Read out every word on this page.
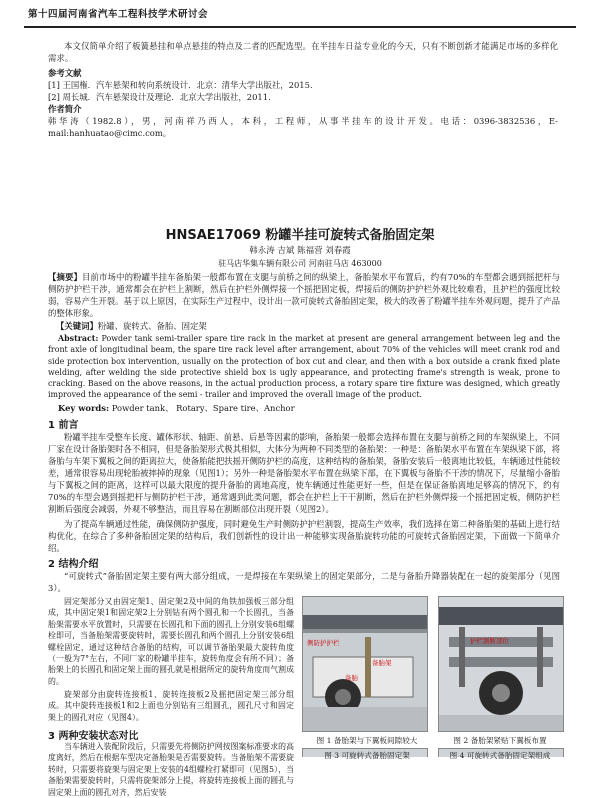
第十四届河南省汽车工程科技学术研讨会
本文仅简单介绍了板簧悬挂和单点悬挂的特点及二者的匹配选型。在半挂车日益专业化的今天，只有不断创新才能满足市场的多样化需求。
参考文献
[1] 王国権．汽车悬架和转向系统设计．北京：清华大学出版社，2015．
[2] 周长城．汽车悬架设计及理论．北京大学出版社，2011．
作者简介
韩华涛（1982.8），男，河南祥乃西人，本科，工程师，从事半挂车的设计开发。电话：0396-3832536，E-mail:hanhuatao@cimc.com。
HNSAE17069 粉罐半挂可旋转式备胎固定架
韩永涛 吉斌 陈福营 刘春霞
驻马店华集车辆有限公司 河南驻马店 463000
【摘要】目前市场中的粉罐半挂车备胎架一般都布置在支腿与前桥之间的纵梁上，备胎架水平布置后，约有70%的车型都会遇到摇把杆与侧防护护栏干涉，通常都会在护栏上割断，然后在护栏外侧焊接一个摇把固定板，焊接后的侧防护护栏外观比较难看，且护栏的强度比较弱，容易产生开裂。基于以上原因，在实际生产过程中，设计出一款可旋转式备胎固定架，极大的改善了粉罐半挂车外观问题，提升了产品的整体形象。
【关键词】粉罐、旋转式、备胎、固定架
Abstract: Powder tank semi-trailer spare tire rack in the market at present are general arrangement between leg and the front axle of longitudinal beam, the spare tire rack level after arrangement, about 70% of the vehicles will meet crank rod and side protection box intervention, usually on the protection of box cut and clear, and then with a box outside a crank fixed plate welding, after welding the side protective shield box is ugly appearance, and protecting frame's strength is weak, prone to cracking. Based on the above reasons, in the actual production process, a rotary spare tire fixture was designed, which greatly improved the appearance of the semi - trailer and improved the overall image of the product.
Key words: Powder tank、 Rotary、Spare tire、Anchor
1 前言
粉罐半挂车受整车长度、罐体形状、轴距、前悬、后悬等因素的影响，备胎架一般都会选择布置在支腿与前桥之间的车架纵梁上，不同厂家在设计备胎架时各不相同，但是备胎架形式极其相似，大体分为两种不同类型的备胎架：一种是：备胎架水平布置在车架纵梁下部，将备胎与车架下翼板之间的距离拉大，使备胎能把扶摇开侧防护栏的高度，这种结构的备胎架，备胎安装后一般离地比较低，车辆通过性能较差，通常很容易出现轮胎被摔掉的现象（见图1）；另外一种是备胎架水平布置在纵梁下部，在下翼板与备胎不干涉的情况下，尽量缩小备胎与下翼板之间的距离，这样可以最大限度的提升备胎的离地高度，使车辆通过性能更好一些，但是在保证备胎离地足够高的情况下，约有70%的车型会遇到摇把杆与侧防护栏干涉，通常遇到此类问题，都会在护栏上干干割断，然后在护栏外侧焊接一个摇把固定板，侧防护栏割断后强度会减弱，外观不够整洁，而且容易在割断部位出现开裂（见图2）。
为了提高车辆通过性能，确保侧防护强度，同时避免生产时侧防护护栏割裂，提高生产效率，我们选择在第二种备胎架的基础上进行结构优化，在综合了多种备胎固定架的结构后，我们创新性的设计出一种能够实现备胎旋转功能的可旋转式备胎固定架，下面做一下简单介绍。
2 结构介绍
“可旋转式”备胎固定架主要有两大部分组成，一是焊接在车架纵梁上的固定架部分，二是与备胎升降器装配在一起的旋架部分（见图3）。
固定架部分又由固定架1、固定架2及中间的角铁加强板三部分组成，其中固定架1和固定架2上分别钻有两个圆孔和一个长圆孔，当备胎架需要水平放置时，只需要在长圆孔和下面的圆孔上分别安装6组螺栓即可，当备胎架需要旋转时，需要长圆孔和两个圆孔上分别安装6组螺栓固定，通过这种结合备胎的结构，可以调节备胎架最大旋转角度（一般为7°左右，不同厂家的粉罐半挂车，旋转角度会有所不同）；备胎架上的长圆孔和固定架上面的圆孔就是根据所定的旋转角度而气割成的。
侧防护护栏
备胎
备胎架
护栏割断部位
图 1 备胎架与下翼板间隙较大	图 2 备胎架紧贴下翼板布置
旋架部分由旋转连接板1、旋转连接板2及摇把固定架三部分组成。其中旋转连接板1和2上面也分别钻有三组圆孔，圆孔尺寸和固定架上的圆孔对应（见图4）。
3 两种安装状态对比
当车辆进入装配阶段后，只需要先将侧防护网按图案标准要求的高度离好，然后在根据车型决定备胎架是否需要旋转。当备胎架不需要旋转时，只需要将旋架与固定架上安装的4组螺栓打紧即可（见图5），当备胎架需要旋转时，只需将旋架部分上提，将旋转连接板上面的圆孔与固定架上面的圆孔对齐，然后安装
图 3 可旋转式备胎固定架	图 4 可旋转式备胎固定架组成
